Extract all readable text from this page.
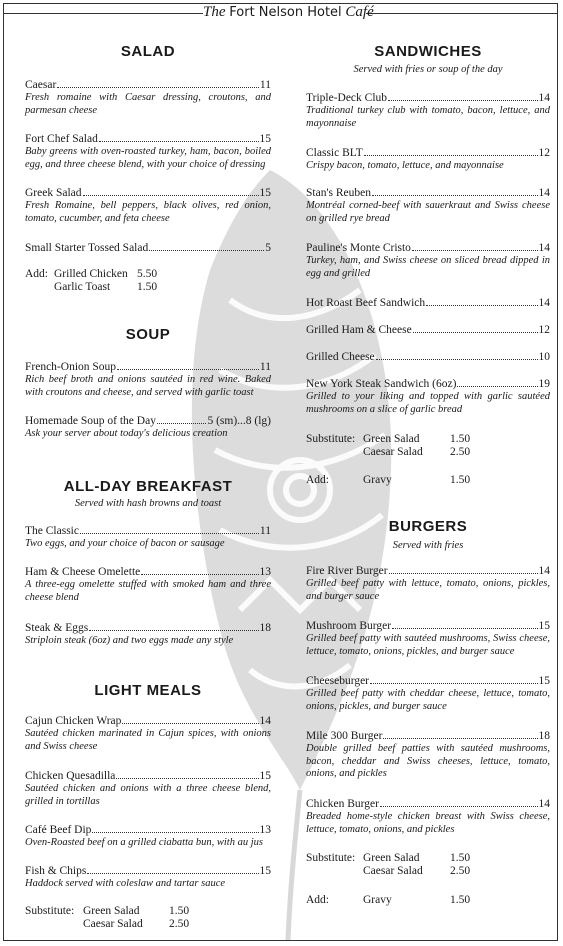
The Fort Nelson Hotel Café
SALAD
Caesar	11
Fresh romaine with Caesar dressing, croutons, and parmesan cheese
Fort Chef Salad	15
Baby greens with oven-roasted turkey, ham, bacon, boiled egg, and three cheese blend, with your choice of dressing
Greek Salad	15
Fresh Romaine, bell peppers, black olives, red onion, tomato, cucumber, and feta cheese
Small Starter Tossed Salad	5
Add: Grilled Chicken 5.50
Garlic Toast	1.50
SOUP
French-Onion Soup	11
Rich beef broth and onions sautéed in red wine. Baked with croutons and cheese, and served with garlic toast
Homemade Soup of the Day	5 (sm)...8 (lg)
Ask your server about today's delicious creation
ALL-DAY BREAKFAST
Served with hash browns and toast
The Classic	11
Two eggs, and your choice of bacon or sausage
Ham & Cheese Omelette	13
A three-egg omelette stuffed with smoked ham and three cheese blend
Steak & Eggs	18
Striploin steak (6oz) and two eggs made any style
LIGHT MEALS
Cajun Chicken Wrap	14
Sautéed chicken marinated in Cajun spices, with onions and Swiss cheese
Chicken Quesadilla	15
Sautéed chicken and onions with a three cheese blend, grilled in tortillas
Café Beef Dip	13
Oven-Roasted beef on a grilled ciabatta bun, with au jus
Fish & Chips	15
Haddock served with coleslaw and tartar sauce
Substitute: Green Salad	1.50
Caesar Salad	2.50
SANDWICHES
Served with fries or soup of the day
Triple-Deck Club	14
Traditional turkey club with tomato, bacon, lettuce, and mayonnaise
Classic BLT	12
Crispy bacon, tomato, lettuce, and mayonnaise
Stan's Reuben	14
Montréal corned-beef with sauerkraut and Swiss cheese on grilled rye bread
Pauline's Monte Cristo	14
Turkey, ham, and Swiss cheese on sliced bread dipped in egg and grilled
Hot Roast Beef Sandwich	14
Grilled Ham & Cheese	12
Grilled Cheese	10
New York Steak Sandwich (6oz)	19
Grilled to your liking and topped with garlic sautéed mushrooms on a slice of garlic bread
Substitute: Green Salad	1.50
Caesar Salad	2.50
Add:	Gravy	1.50
BURGERS
Served with fries
Fire River Burger	14
Grilled beef patty with lettuce, tomato, onions, pickles, and burger sauce
Mushroom Burger	15
Grilled beef patty with sautéed mushrooms, Swiss cheese, lettuce, tomato, onions, pickles, and burger sauce
Cheeseburger	15
Grilled beef patty with cheddar cheese, lettuce, tomato, onions, pickles, and burger sauce
Mile 300 Burger	18
Double grilled beef patties with sautéed mushrooms, bacon, cheddar and Swiss cheeses, lettuce, tomato, onions, and pickles
Chicken Burger	14
Breaded home-style chicken breast with Swiss cheese, lettuce, tomato, onions, and pickles
Substitute: Green Salad	1.50
Caesar Salad	2.50
Add:	Gravy	1.50
